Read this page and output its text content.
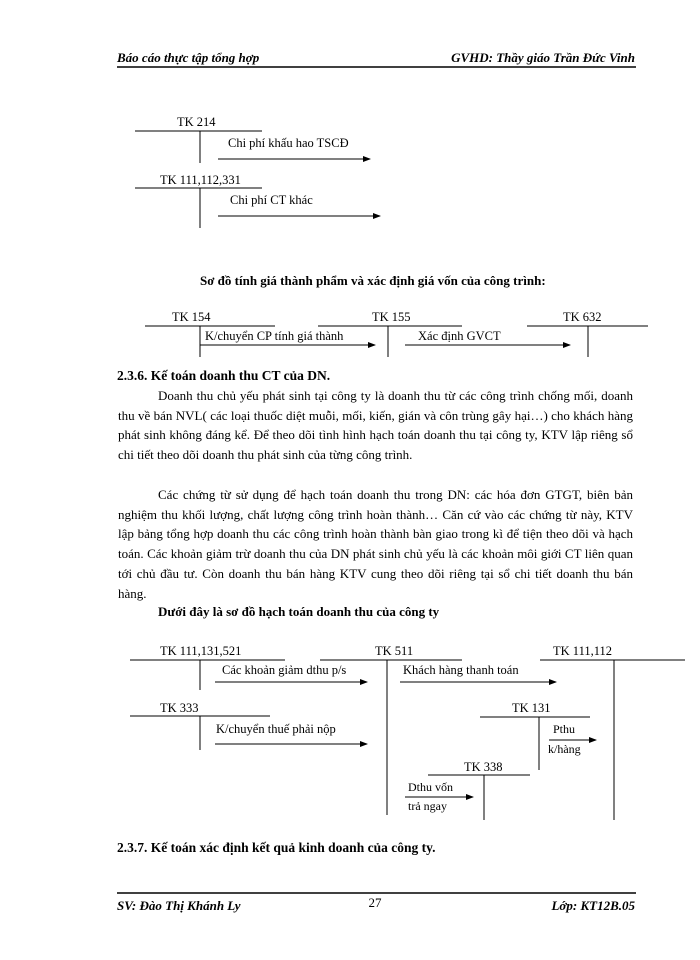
Báo cáo thực tập tổng hợp	GVHD: Thầy giáo Trần Đức Vinh
TK 214
Chi phí khấu hao TSCĐ
TK 111,112,331
Chi phí CT khác
Sơ đồ tính giá thành phẩm và xác định giá vốn của công trình:
TK 154	TK 155	TK 632
K/chuyển CP tính giá thành	Xác định GVCT
2.3.6. Kế toán doanh thu CT của DN.
Doanh thu chủ yếu phát sinh tại công ty là doanh thu từ các công trình chống mối, doanh thu về bán NVL( các loại thuốc diệt muỗi, mối, kiến, gián và côn trùng gây hại…) cho khách hàng phát sinh không đáng kể. Để theo dõi tình hình hạch toán doanh thu tại công ty, KTV lập riêng sổ chi tiết theo dõi doanh thu phát sinh của từng công trình.
Các chứng từ sử dụng để hạch toán doanh thu trong DN: các hóa đơn GTGT, biên bản nghiệm thu khối lượng, chất lượng công trình hoàn thành… Căn cứ vào các chứng từ này, KTV lập bảng tổng hợp doanh thu các công trình hoàn thành bàn giao trong kì để tiện theo dõi và hạch toán. Các khoản giảm trừ doanh thu của DN phát sinh chủ yếu là các khoản môi giới CT liên quan tới chủ đầu tư. Còn doanh thu bán hàng KTV cung theo dõi riêng tại sổ chi tiết doanh thu bán hàng.
Dưới đây là sơ đồ hạch toán doanh thu của công ty
TK 111,131,521	TK 511	TK 111,112
Các khoản giảm dthu p/s	Khách hàng thanh toán
TK 333
K/chuyển thuế phải nộp
TK 131
Pthu
k/hàng
TK 338
Dthu vốn
trả ngay
2.3.7. Kế toán xác định kết quả kinh doanh của công ty.
SV: Đào Thị Khánh Ly	27	Lớp: KT12B.05
